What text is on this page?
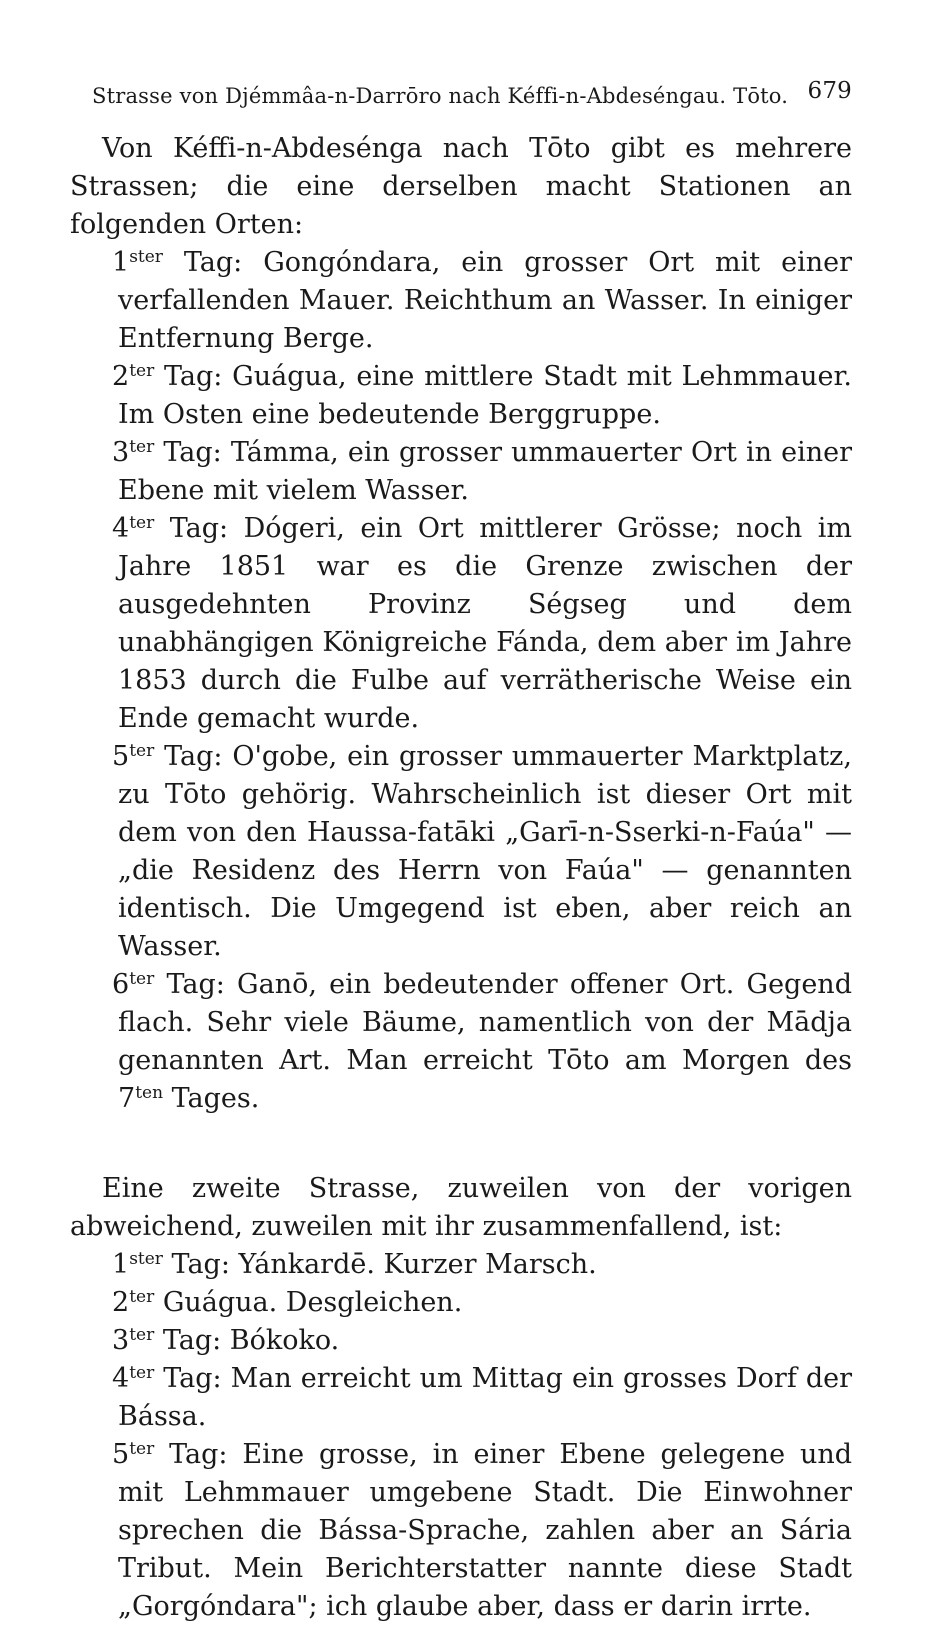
Strasse von Djémmâa-n-Darrōro nach Kéffi-n-Abdeséngau. Tōto. 679

Von Kéffi-n-Abdesénga nach Tōto gibt es mehrere Strassen; die eine derselben macht Stationen an folgenden Orten:

$1^{ster}$ Tag: Gongóndara, ein grosser Ort mit einer verfallenden Mauer. Reichthum an Wasser. In einiger Entfernung Berge.

$2^{ter}$ Tag: Guágua, eine mittlere Stadt mit Lehmmauer. Im Osten eine bedeutende Berggruppe.

$3^{ter}$ Tag: Támma, ein grosser ummauerter Ort in einer Ebene mit vielem Wasser.

$4^{ter}$ Tag: Dógeri, ein Ort mittlerer Grösse; noch im Jahre 1851 war es die Grenze zwischen der ausgedehnten Provinz Ségseg und dem unabhängigen Königreiche Fánda, dem aber im Jahre 1853 durch die Fulbe auf verrätherische Weise ein Ende gemacht wurde.

$5^{ter}$ Tag: O'gobe, ein grosser ummauerter Marktplatz, zu Tōto gehörig. Wahrscheinlich ist dieser Ort mit dem von den Haussa-fatāki „Garī-n-Sserki-n-Faúa" — „die Residenz des Herrn von Faúa" — genannten identisch. Die Umgegend ist eben, aber reich an Wasser.

$6^{ter}$ Tag: Ganō, ein bedeutender offener Ort. Gegend flach. Sehr viele Bäume, namentlich von der Mādja genannten Art. Man erreicht Tōto am Morgen des $7^{ten}$ Tages.

Eine zweite Strasse, zuweilen von der vorigen abweichend, zuweilen mit ihr zusammenfallend, ist:

$1^{ster}$ Tag: Yánkardē. Kurzer Marsch.

$2^{ter}$ Guágua. Desgleichen.

$3^{ter}$ Tag: Bókoko.

$4^{ter}$ Tag: Man erreicht um Mittag ein grosses Dorf der Bássa.

$5^{ter}$ Tag: Eine grosse, in einer Ebene gelegene und mit Lehmmauer umgebene Stadt. Die Einwohner sprechen die Bássa-Sprache, zahlen aber an Sária Tribut. Mein Berichterstatter nannte diese Stadt „Gorgóndara"; ich glaube aber, dass er darin irrte.
